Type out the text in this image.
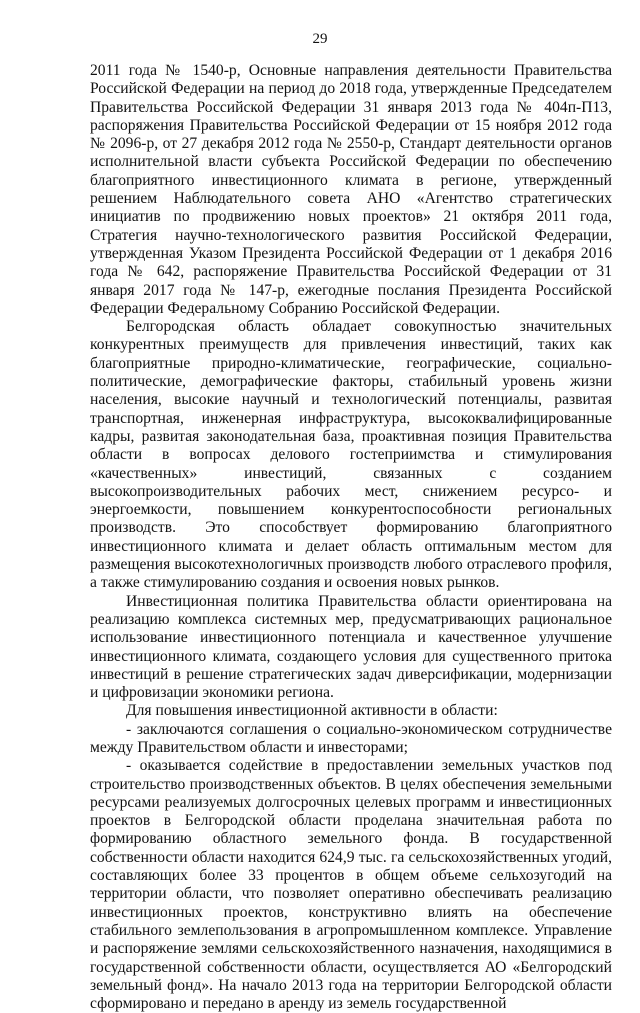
29

2011 года № 1540-р, Основные направления деятельности Правительства Российской Федерации на период до 2018 года, утвержденные Председателем Правительства Российской Федерации 31 января 2013 года № 404п-П13, распоряжения Правительства Российской Федерации от 15 ноября 2012 года № 2096-р, от 27 декабря 2012 года № 2550-р, Стандарт деятельности органов исполнительной власти субъекта Российской Федерации по обеспечению благоприятного инвестиционного климата в регионе, утвержденный решением Наблюдательного совета АНО «Агентство стратегических инициатив по продвижению новых проектов» 21 октября 2011 года, Стратегия научно-технологического развития Российской Федерации, утвержденная Указом Президента Российской Федерации от 1 декабря 2016 года № 642, распоряжение Правительства Российской Федерации от 31 января 2017 года № 147-р, ежегодные послания Президента Российской Федерации Федеральному Собранию Российской Федерации.

Белгородская область обладает совокупностью значительных конкурентных преимуществ для привлечения инвестиций, таких как благоприятные природно-климатические, географические, социально-политические, демографические факторы, стабильный уровень жизни населения, высокие научный и технологический потенциалы, развитая транспортная, инженерная инфраструктура, высококвалифицированные кадры, развитая законодательная база, проактивная позиция Правительства области в вопросах делового гостеприимства и стимулирования «качественных» инвестиций, связанных с созданием высокопроизводительных рабочих мест, снижением ресурсо- и энергоемкости, повышением конкурентоспособности региональных производств. Это способствует формированию благоприятного инвестиционного климата и делает область оптимальным местом для размещения высокотехнологичных производств любого отраслевого профиля, а также стимулированию создания и освоения новых рынков.

Инвестиционная политика Правительства области ориентирована на реализацию комплекса системных мер, предусматривающих рациональное использование инвестиционного потенциала и качественное улучшение инвестиционного климата, создающего условия для существенного притока инвестиций в решение стратегических задач диверсификации, модернизации и цифровизации экономики региона.

Для повышения инвестиционной активности в области:

- заключаются соглашения о социально-экономическом сотрудничестве между Правительством области и инвесторами;

- оказывается содействие в предоставлении земельных участков под строительство производственных объектов. В целях обеспечения земельными ресурсами реализуемых долгосрочных целевых программ и инвестиционных проектов в Белгородской области проделана значительная работа по формированию областного земельного фонда. В государственной собственности области находится 624,9 тыс. га сельскохозяйственных угодий, составляющих более 33 процентов в общем объеме сельхозугодий на территории области, что позволяет оперативно обеспечивать реализацию инвестиционных проектов, конструктивно влиять на обеспечение стабильного землепользования в агропромышленном комплексе. Управление и распоряжение землями сельскохозяйственного назначения, находящимися в государственной собственности области, осуществляется АО «Белгородский земельный фонд». На начало 2013 года на территории Белгородской области сформировано и передано в аренду из земель государственной
